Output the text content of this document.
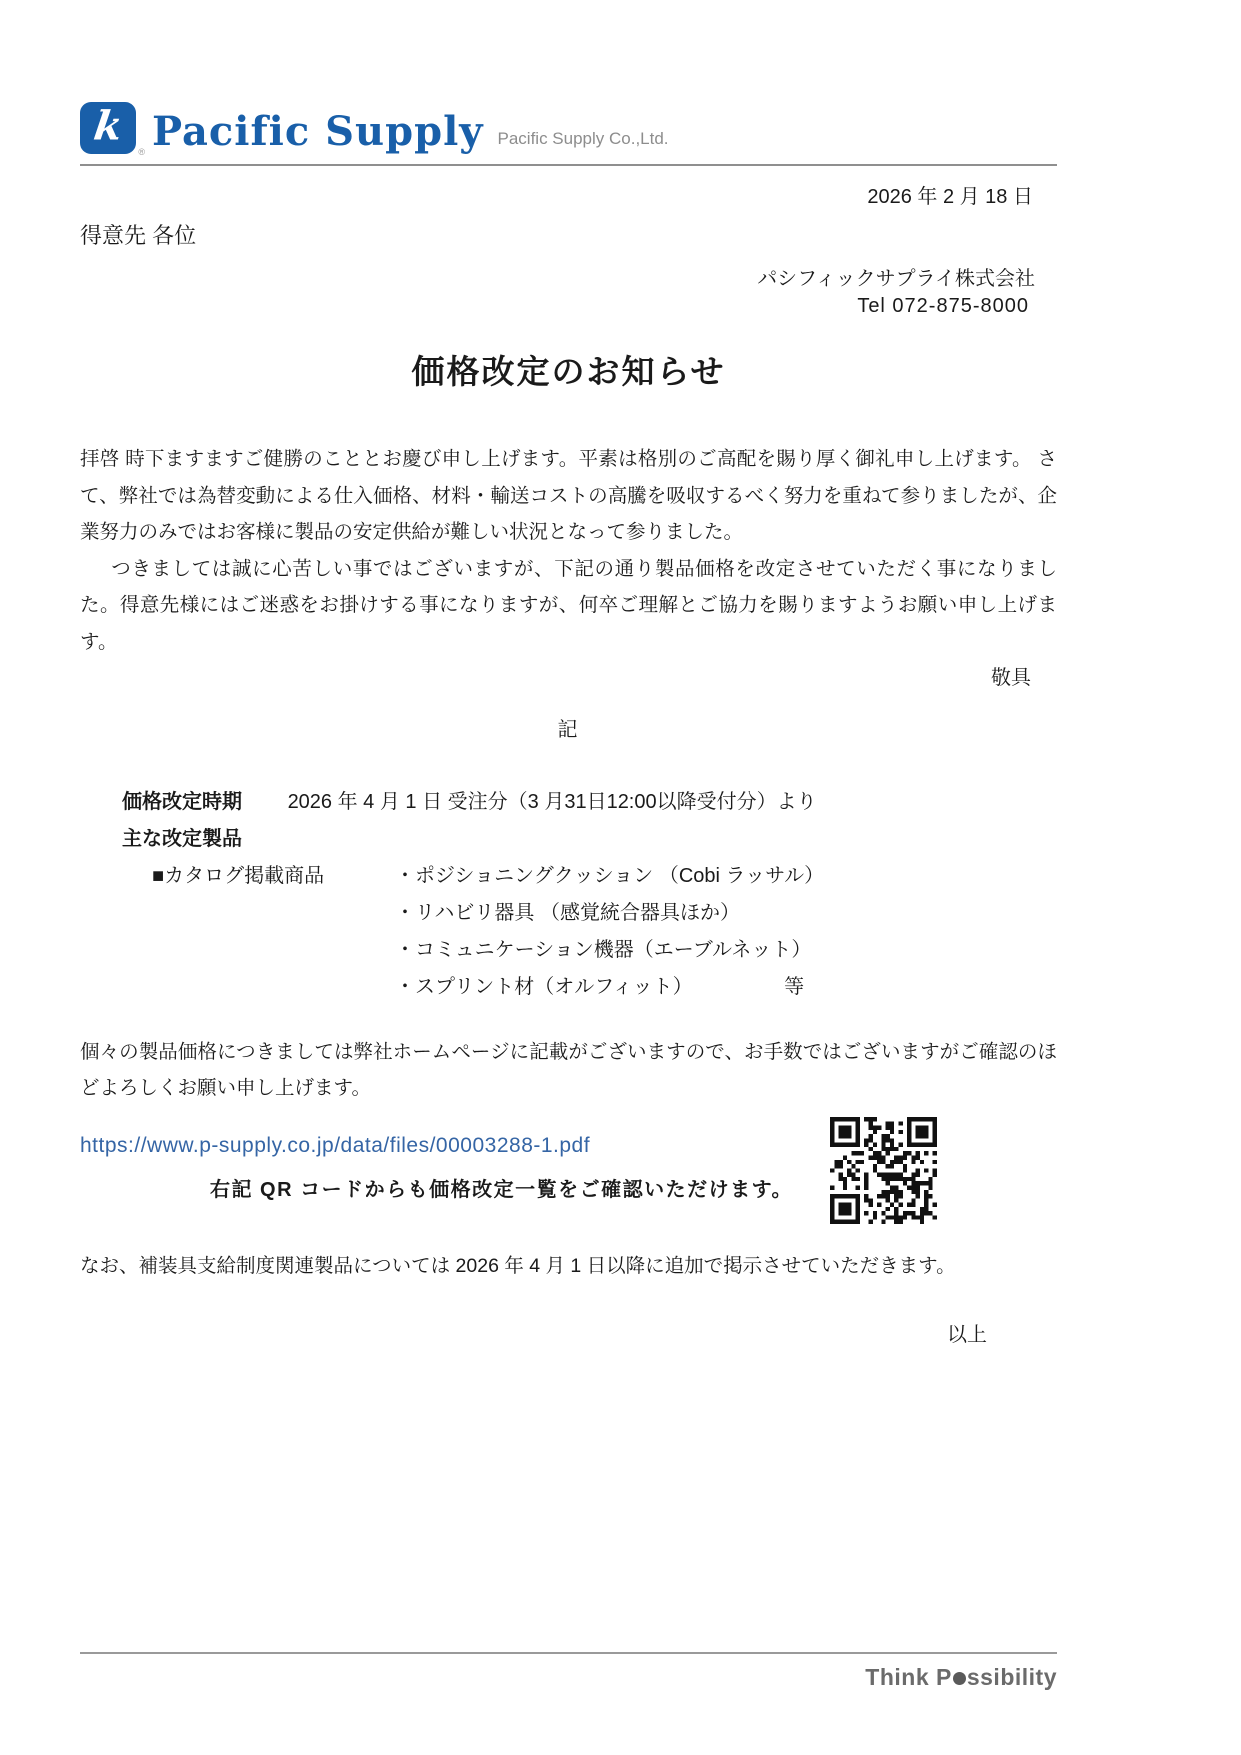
k
® Pacific Supply Pacific Supply Co.,Ltd.
2026 年 2 月 18 日
得意先 各位
パシフィックサプライ株式会社
Tel 072-875-8000
価格改定のお知らせ

拝啓 時下ますますご健勝のこととお慶び申し上げます。平素は格別のご高配を賜り厚く御礼申し上げます。 さて、弊社では為替変動による仕入価格、材料・輸送コストの高騰を吸収するべく努力を重ねて参りましたが、企業努力のみではお客様に製品の安定供給が難しい状況となって参りました。

つきましては誠に心苦しい事ではございますが、下記の通り製品価格を改定させていただく事になりました。得意先様にはご迷惑をお掛けする事になりますが、何卒ご理解とご協力を賜りますようお願い申し上げます。

敬具
記
価格改定時期 2026 年 4 月 1 日 受注分（3 月31日12:00以降受付分）より
主な改定製品
■カタログ掲載商品	・ポジショニングクッション （Cobi ラッサル）
・リハビリ器具 （感覚統合器具ほか）
・コミュニケーション機器（エーブルネット）
・スプリント材（オルフィット）	等

個々の製品価格につきましては弊社ホームページに記載がございますので、お手数ではございますがご確認のほどよろしくお願い申し上げます。

https://www.p-supply.co.jp/data/files/00003288-1.pdf
右記 QR コードからも価格改定一覧をご確認いただけます。

なお、補装具支給制度関連製品については 2026 年 4 月 1 日以降に追加で掲示させていただきます。

以上
Think P ssibility
